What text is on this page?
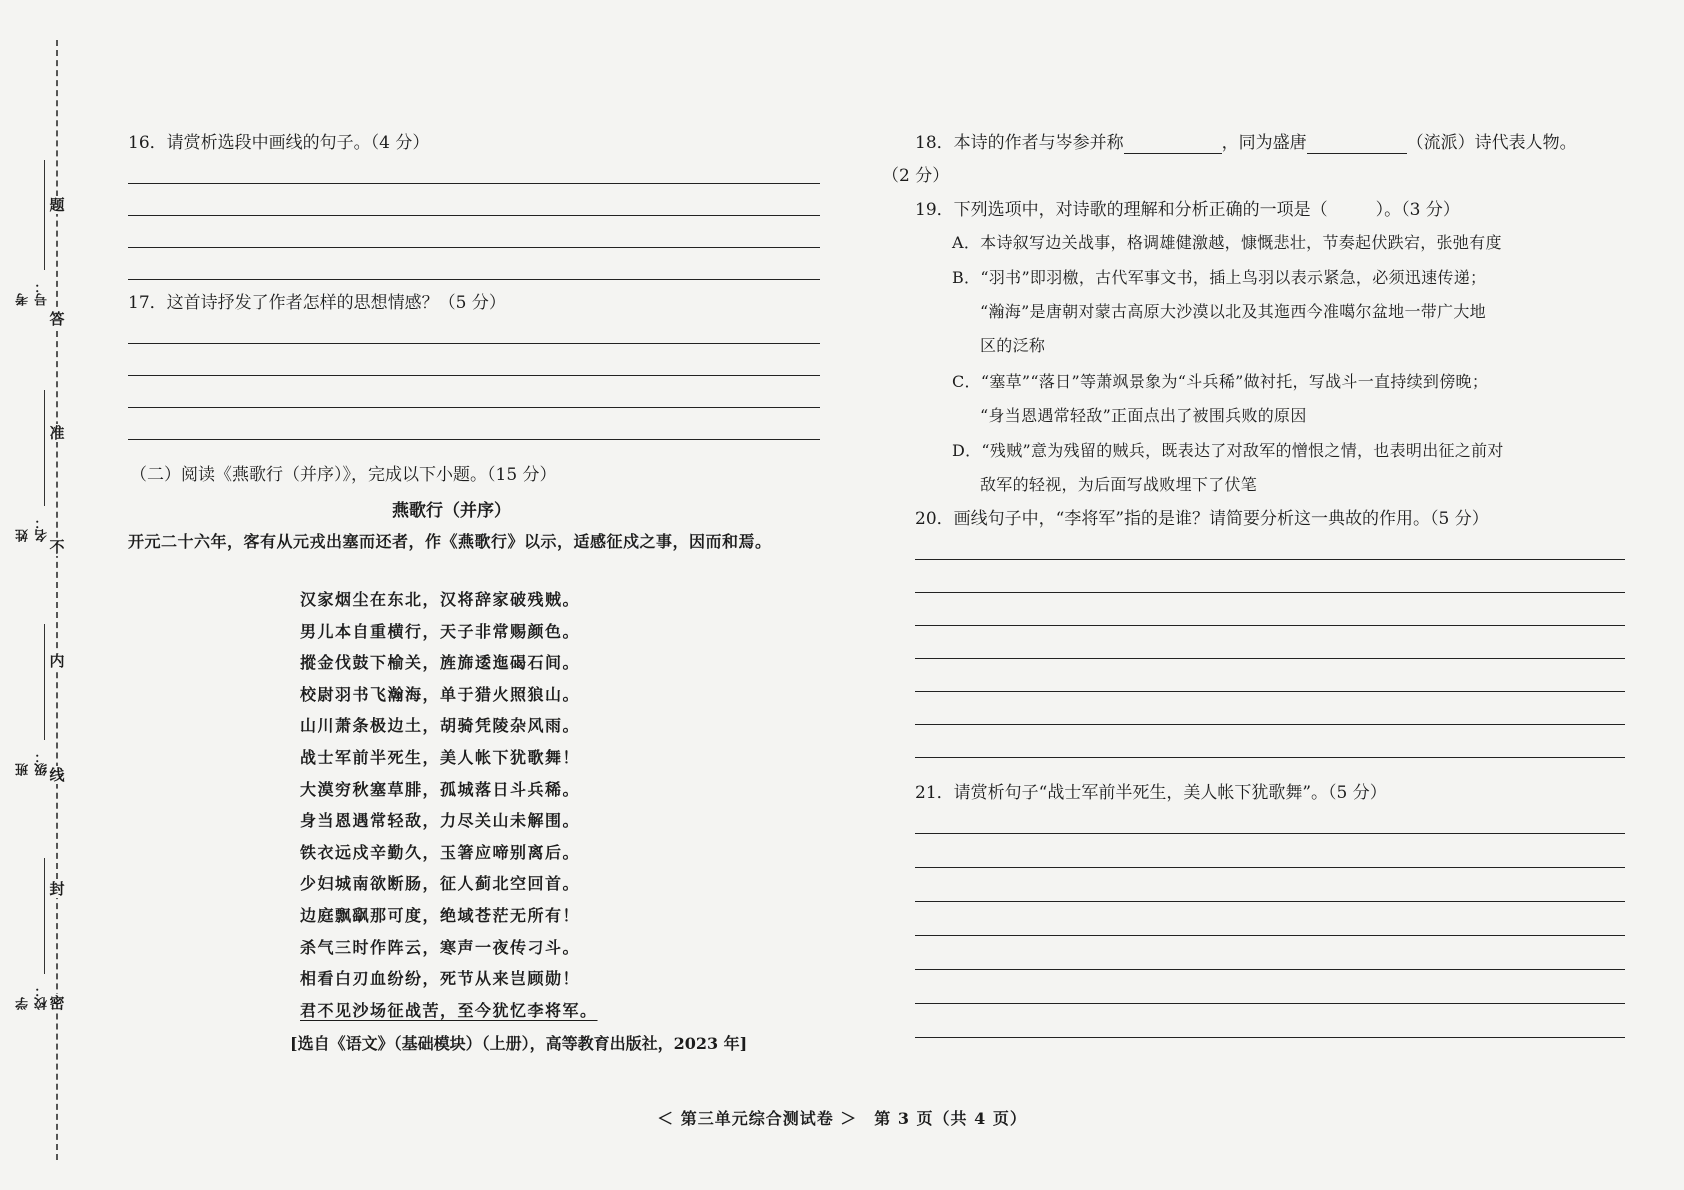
题
答
准
不
内
线
封
密
考号：
姓名：
班级：
学校：
16．请赏析选段中画线的句子。（4 分）
17．这首诗抒发了作者怎样的思想情感？（5 分）
（二）阅读《燕歌行（并序）》，完成以下小题。（15 分）
燕歌行（并序）
开元二十六年，客有从元戎出塞而还者，作《燕歌行》以示，适感征戍之事，因而和焉。
汉家烟尘在东北，汉将辞家破残贼。
男儿本自重横行，天子非常赐颜色。
摐金伐鼓下榆关，旌旆逶迤碣石间。
校尉羽书飞瀚海，单于猎火照狼山。
山川萧条极边土，胡骑凭陵杂风雨。
战士军前半死生，美人帐下犹歌舞！
大漠穷秋塞草腓，孤城落日斗兵稀。
身当恩遇常轻敌，力尽关山未解围。
铁衣远戍辛勤久，玉箸应啼别离后。
少妇城南欲断肠，征人蓟北空回首。
边庭飘飖那可度，绝域苍茫无所有！
杀气三时作阵云，寒声一夜传刁斗。
相看白刃血纷纷，死节从来岂顾勋！
君不见沙场征战苦，至今犹忆李将军。
[选自《语文》（基础模块）（上册），高等教育出版社，2023 年]
18．本诗的作者与岑参并称	，同为盛唐	（流派）诗代表人物。
（2 分）
19．下列选项中，对诗歌的理解和分析正确的一项是（	）。（3 分）
A．本诗叙写边关战事，格调雄健激越，慷慨悲壮，节奏起伏跌宕，张弛有度
B．“羽书”即羽檄，古代军事文书，插上鸟羽以表示紧急，必须迅速传递；
“瀚海”是唐朝对蒙古高原大沙漠以北及其迤西今准噶尔盆地一带广大地
区的泛称
C．“塞草”“落日”等萧飒景象为“斗兵稀”做衬托，写战斗一直持续到傍晚；
“身当恩遇常轻敌”正面点出了被围兵败的原因
D．“残贼”意为残留的贼兵，既表达了对敌军的憎恨之情，也表明出征之前对
敌军的轻视，为后面写战败埋下了伏笔
20．画线句子中，“李将军”指的是谁？请简要分析这一典故的作用。（5 分）
21．请赏析句子“战士军前半死生，美人帐下犹歌舞”。（5 分）
＜ 第三单元综合测试卷 ＞　第 3 页（共 4 页）
